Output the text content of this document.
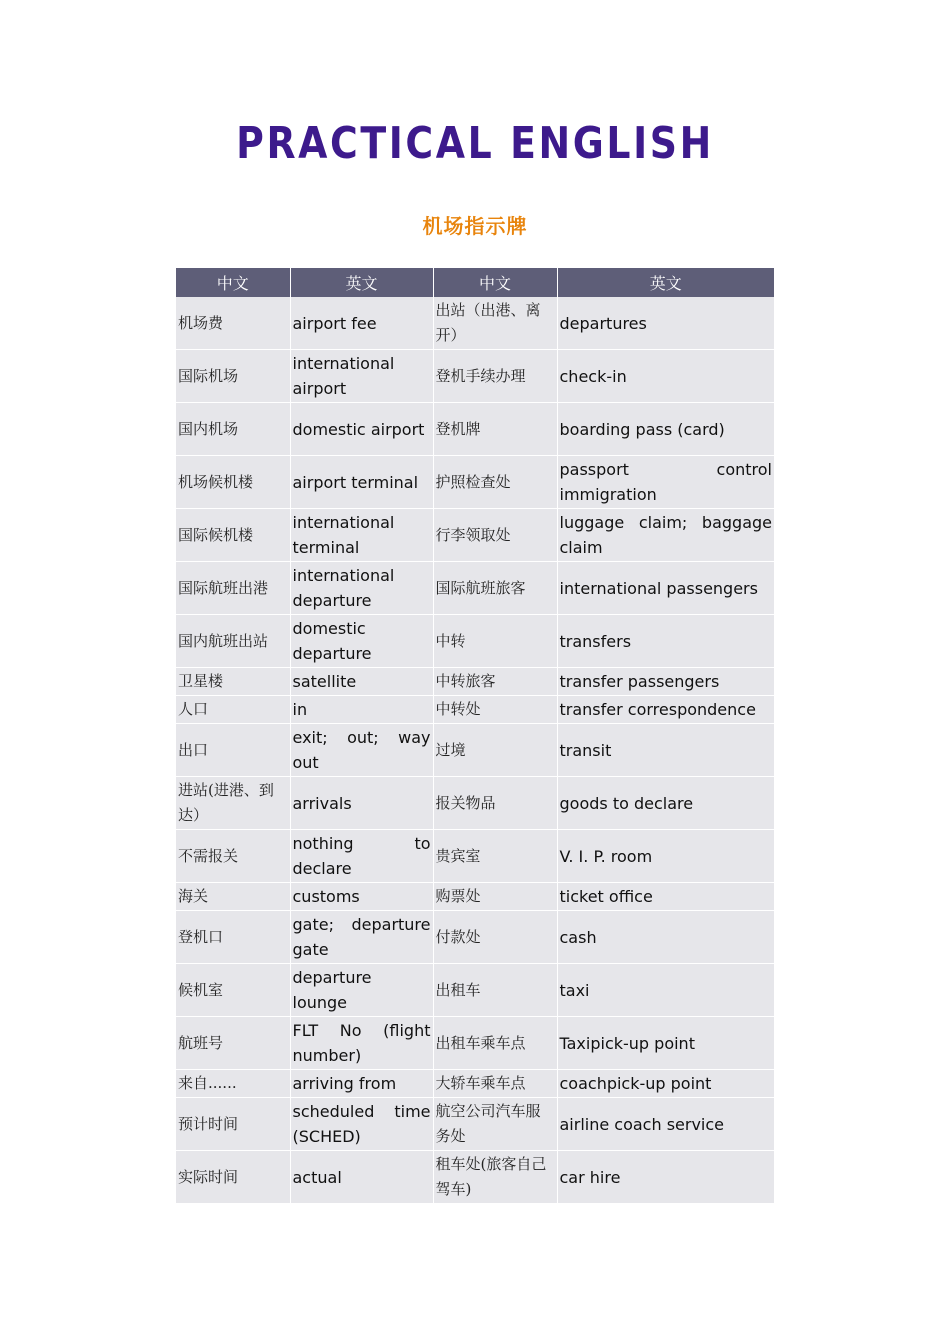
PRACTICAL ENGLISH
机场指示牌
中文	英文	中文	英文
机场费	airport fee	出站（出港、离开）	departures
国际机场	international airport	登机手续办理	check-in
国内机场	domestic airport	登机牌	boarding pass (card)
机场候机楼	airport terminal	护照检查处	passport control immigration
国际候机楼	international terminal	行李领取处	luggage claim; baggage claim
国际航班出港	international departure	国际航班旅客	international passengers
国内航班出站	domestic departure	中转	transfers
卫星楼	satellite	中转旅客	transfer passengers
人口	in	中转处	transfer correspondence
出口	exit; out; way out	过境	transit
进站(进港、到达）	arrivals	报关物品	goods to declare
不需报关	nothing to declare	贵宾室	V. I. P. room
海关	customs	购票处	ticket office
登机口	gate; departure gate	付款处	cash
候机室	departure lounge	出租车	taxi
航班号	FLT No (flight number)	出租车乘车点	Taxipick-up point
来自......	arriving from	大轿车乘车点	coachpick-up point
预计时间	scheduled time (SCHED)	航空公司汽车服务处	airline coach service
实际时间	actual	租车处(旅客自己驾车)	car hire
